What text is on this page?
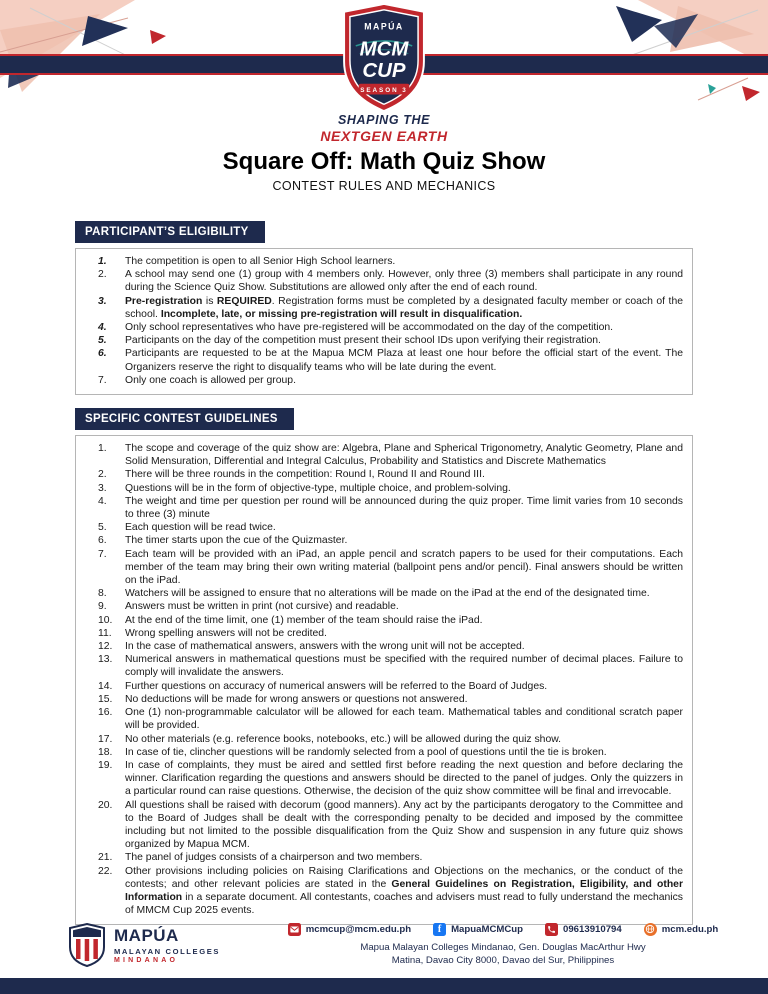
MAPÚA
MCM
CUP
SEASON 3
SHAPING THE
NEXTGEN EARTH
Square Off: Math Quiz Show
CONTEST RULES AND MECHANICS
PARTICIPANT’S ELIGIBILITY
1.	The competition is open to all Senior High School learners.
2.	A school may send one (1) group with 4 members only. However, only three (3) members shall participate in any round during the Science Quiz Show. Substitutions are allowed only after the end of each round.
3.	Pre-registration is REQUIRED. Registration forms must be completed by a designated faculty member or coach of the school. Incomplete, late, or missing pre-registration will result in disqualification.
4.	Only school representatives who have pre-registered will be accommodated on the day of the competition.
5.	Participants on the day of the competition must present their school IDs upon verifying their registration.
6.	Participants are requested to be at the Mapua MCM Plaza at least one hour before the official start of the event. The Organizers reserve the right to disqualify teams who will be late during the event.
7.	Only one coach is allowed per group.
SPECIFIC CONTEST GUIDELINES
1.	The scope and coverage of the quiz show are: Algebra, Plane and Spherical Trigonometry, Analytic Geometry, Plane and Solid Mensuration, Differential and Integral Calculus, Probability and Statistics and Discrete Mathematics
2.	There will be three rounds in the competition: Round I, Round II and Round III.
3.	Questions will be in the form of objective-type, multiple choice, and problem-solving.
4.	The weight and time per question per round will be announced during the quiz proper. Time limit varies from 10 seconds to three (3) minute
5.	Each question will be read twice.
6.	The timer starts upon the cue of the Quizmaster.
7.	Each team will be provided with an iPad, an apple pencil and scratch papers to be used for their computations. Each member of the team may bring their own writing material (ballpoint pens and/or pencil). Final answers should be written on the iPad.
8.	Watchers will be assigned to ensure that no alterations will be made on the iPad at the end of the designated time.
9.	Answers must be written in print (not cursive) and readable.
10.	At the end of the time limit, one (1) member of the team should raise the iPad.
11.	Wrong spelling answers will not be credited.
12.	In the case of mathematical answers, answers with the wrong unit will not be accepted.
13.	Numerical answers in mathematical questions must be specified with the required number of decimal places. Failure to comply will invalidate the answers.
14.	Further questions on accuracy of numerical answers will be referred to the Board of Judges.
15.	No deductions will be made for wrong answers or questions not answered.
16.	One (1) non-programmable calculator will be allowed for each team. Mathematical tables and conditional scratch paper will be provided.
17.	No other materials (e.g. reference books, notebooks, etc.) will be allowed during the quiz show.
18.	In case of tie, clincher questions will be randomly selected from a pool of questions until the tie is broken.
19.	In case of complaints, they must be aired and settled first before reading the next question and before declaring the winner. Clarification regarding the questions and answers should be directed to the panel of judges. Only the quizzers in a particular round can raise questions. Otherwise, the decision of the quiz show committee will be final and irrevocable.
20.	All questions shall be raised with decorum (good manners). Any act by the participants derogatory to the Committee and to the Board of Judges shall be dealt with the corresponding penalty to be decided and imposed by the committee including but not limited to the possible disqualification from the Quiz Show and suspension in any future quiz shows organized by Mapua MCM.
21.	The panel of judges consists of a chairperson and two members.
22.	Other provisions including policies on Raising Clarifications and Objections on the mechanics, or the conduct of the contests; and other relevant policies are stated in the General Guidelines on Registration, Eligibility, and other Information in a separate document. All contestants, coaches and advisers must read to fully understand the mechanics of MMCM Cup 2025 events.
MAPÚA
MALAYAN COLLEGES
MINDANAO
mcmcup@mcm.edu.ph	f	MapuaMCMCup	09613910794	mcm.edu.ph
Mapua Malayan Colleges Mindanao, Gen. Douglas MacArthur Hwy
Matina, Davao City 8000, Davao del Sur, Philippines
